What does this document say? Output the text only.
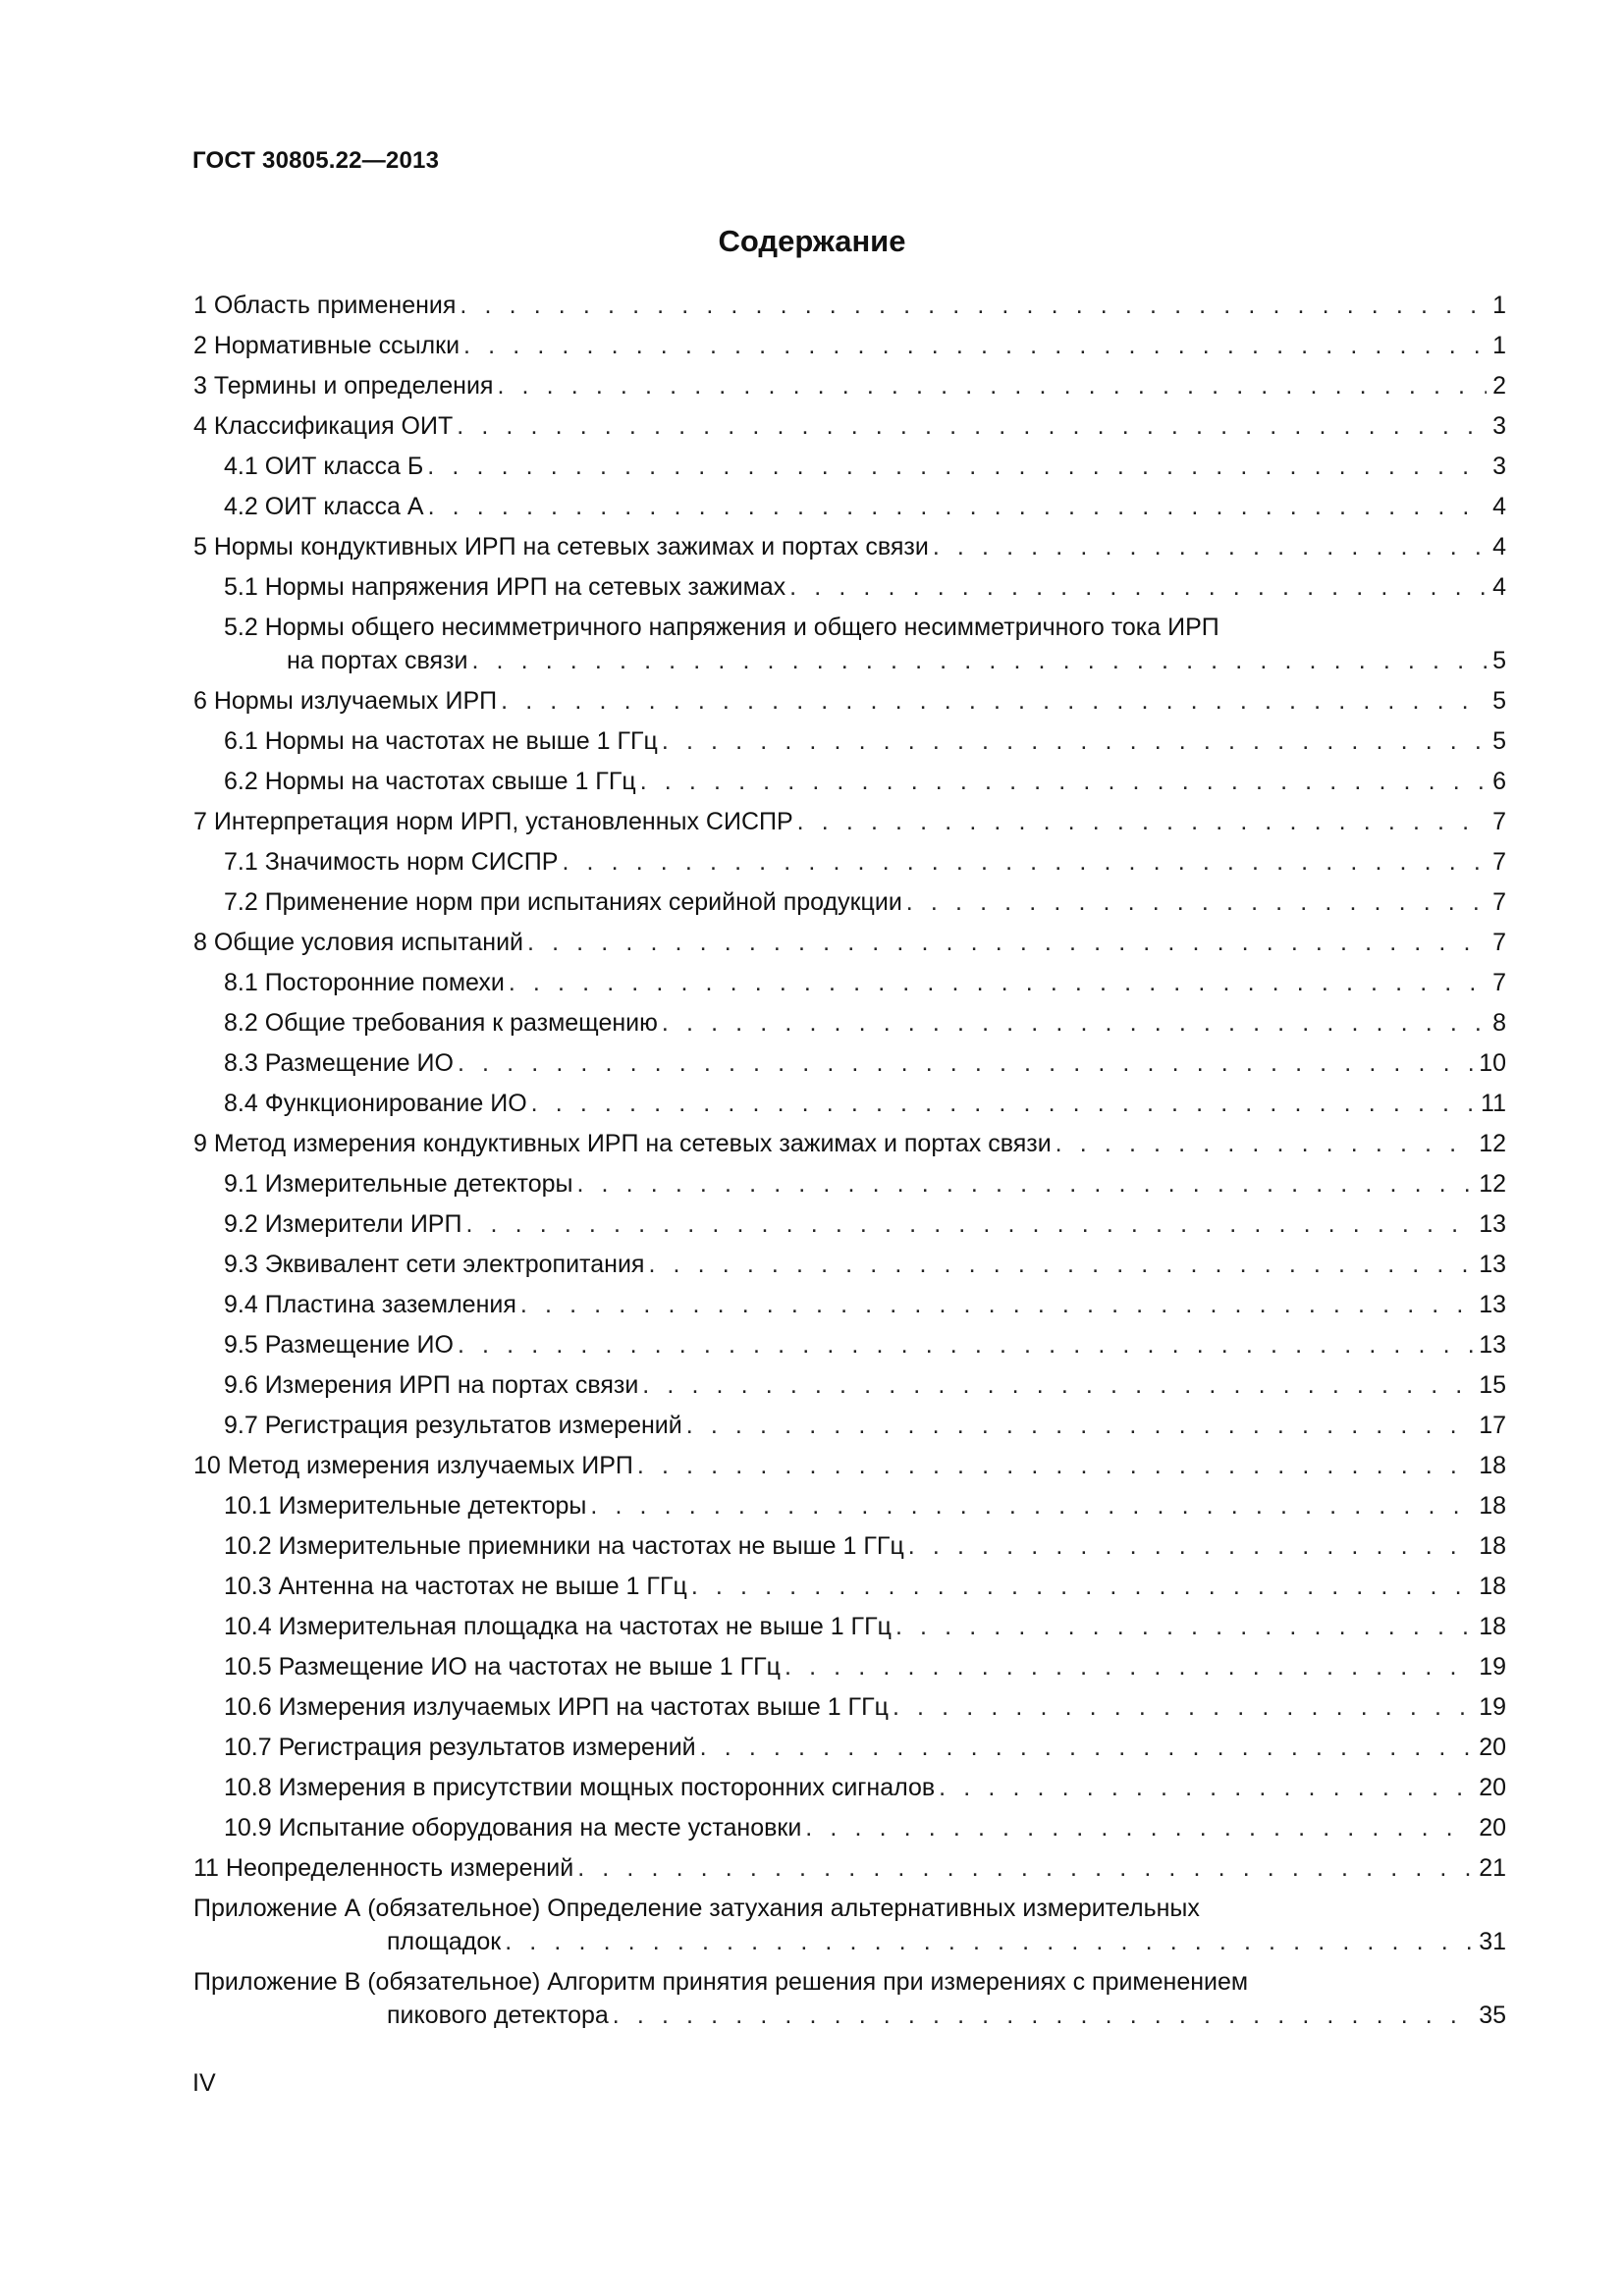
ГОСТ 30805.22—2013
Содержание
1 Область применения . . .	1
2 Нормативные ссылки . . .	1
3 Термины и определения . . .	2
4 Классификация ОИТ . . .	3
4.1 ОИТ класса Б . . .	3
4.2 ОИТ класса А . . .	4
5 Нормы кондуктивных ИРП на сетевых зажимах и портах связи . . .	4
5.1 Нормы напряжения ИРП на сетевых зажимах . . .	4
5.2 Нормы общего несимметричного напряжения и общего несимметричного тока ИРП
на портах связи . . .	5
6 Нормы излучаемых ИРП . . .	5
6.1 Нормы на частотах не выше 1 ГГц . . .	5
6.2 Нормы на частотах свыше 1 ГГц . . .	6
7 Интерпретация норм ИРП, установленных СИСПР . . .	7
7.1 Значимость норм СИСПР . . .	7
7.2 Применение норм при испытаниях серийной продукции . . .	7
8 Общие условия испытаний . . .	7
8.1 Посторонние помехи . . .	7
8.2 Общие требования к размещению . . .	8
8.3 Размещение ИО . . .	10
8.4 Функционирование ИО . . .	11
9 Метод измерения кондуктивных ИРП на сетевых зажимах и портах связи . . .	12
9.1 Измерительные детекторы . . .	12
9.2 Измерители ИРП . . .	13
9.3 Эквивалент сети электропитания . . .	13
9.4 Пластина заземления . . .	13
9.5 Размещение ИО . . .	13
9.6 Измерения ИРП на портах связи . . .	15
9.7 Регистрация результатов измерений . . .	17
10 Метод измерения излучаемых ИРП . . .	18
10.1 Измерительные детекторы . . .	18
10.2 Измерительные приемники на частотах не выше 1 ГГц . . .	18
10.3 Антенна на частотах не выше 1 ГГц . . .	18
10.4 Измерительная площадка на частотах не выше 1 ГГц . . .	18
10.5 Размещение ИО на частотах не выше 1 ГГц . . .	19
10.6 Измерения излучаемых ИРП на частотах выше 1 ГГц . . .	19
10.7 Регистрация результатов измерений . . .	20
10.8 Измерения в присутствии мощных посторонних сигналов . . .	20
10.9 Испытание оборудования на месте установки . . .	20
11 Неопределенность измерений . . .	21
Приложение А (обязательное) Определение затухания альтернативных измерительных
площадок . . .	31
Приложение В (обязательное) Алгоритм принятия решения при измерениях с применением
пикового детектора . . .	35
IV
